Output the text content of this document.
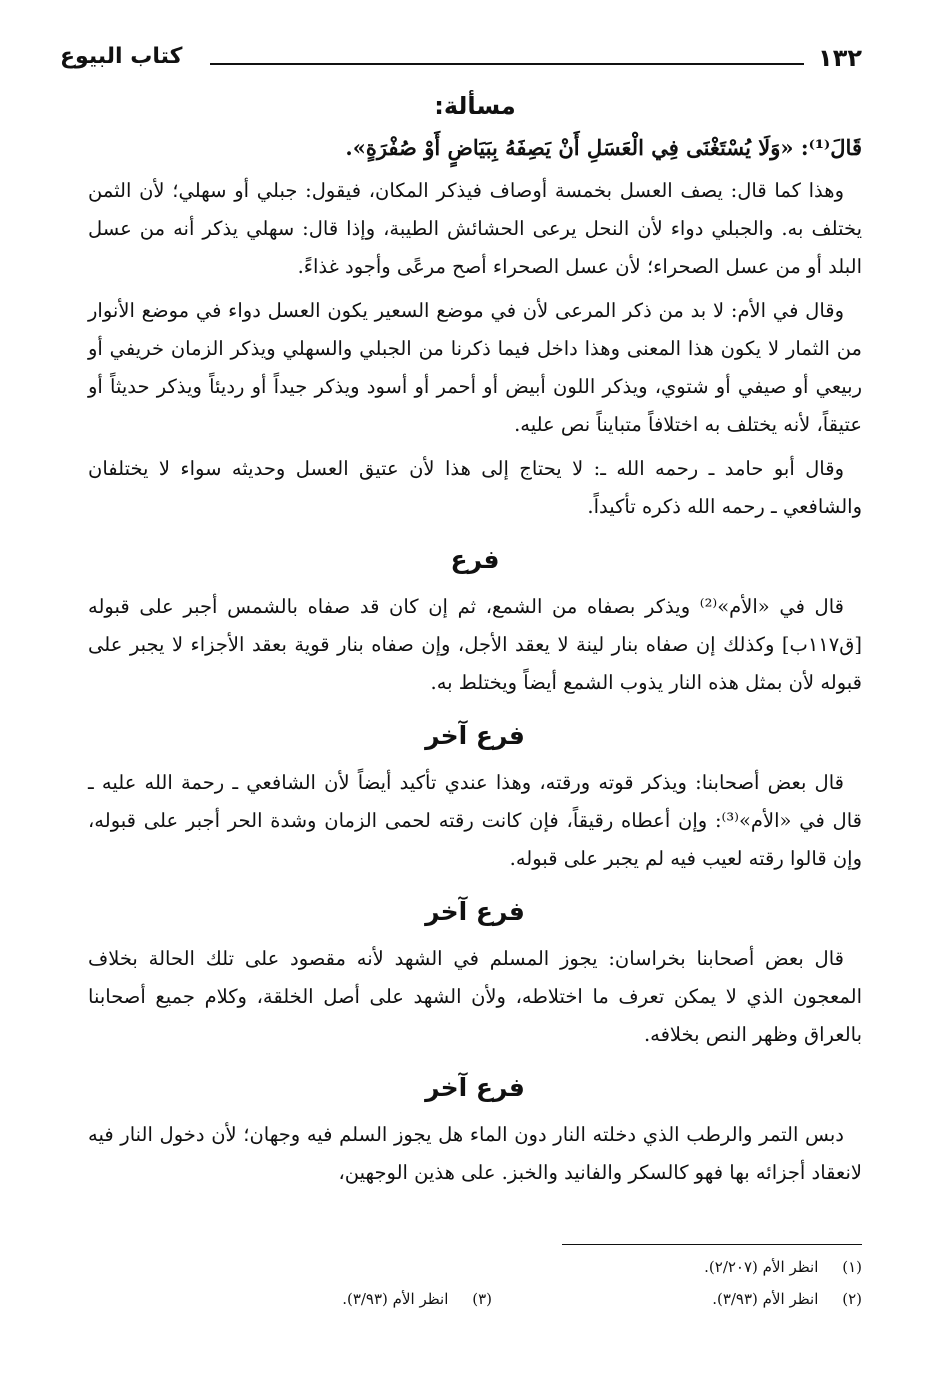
١٣٢
كتاب البيوع
مسألة:
قَالَ⁽¹⁾: «وَلَا يُسْتَغْنَى فِي الْعَسَلِ أَنْ يَصِفَهُ بِبَيَاضٍ أَوْ صُفْرَةٍ».

وهذا كما قال: يصف العسل بخمسة أوصاف فيذكر المكان، فيقول: جبلي أو سهلي؛ لأن الثمن يختلف به. والجبلي دواء لأن النحل يرعى الحشائش الطيبة، وإذا قال: سهلي يذكر أنه من عسل البلد أو من عسل الصحراء؛ لأن عسل الصحراء أصح مرعًى وأجود غذاءً.

وقال في الأم: لا بد من ذكر المرعى لأن في موضع السعير يكون العسل دواء في موضع الأنوار من الثمار لا يكون هذا المعنى وهذا داخل فيما ذكرنا من الجبلي والسهلي ويذكر الزمان خريفي أو ربيعي أو صيفي أو شتوي، ويذكر اللون أبيض أو أحمر أو أسود ويذكر جيداً أو رديئاً ويذكر حديثاً أو عتيقاً، لأنه يختلف به اختلافاً متبايناً نص عليه.

وقال أبو حامد ـ رحمه الله ـ: لا يحتاج إلى هذا لأن عتيق العسل وحديثه سواء لا يختلفان والشافعي ـ رحمه الله ذكره تأكيداً.

فرع

قال في «الأم»⁽²⁾ ويذكر بصفاه من الشمع، ثم إن كان قد صفاه بالشمس أجبر على قبوله [ق١١٧ب] وكذلك إن صفاه بنار لينة لا يعقد الأجل، وإن صفاه بنار قوية بعقد الأجزاء لا يجبر على قبوله لأن بمثل هذه النار يذوب الشمع أيضاً ويختلط به.

فرع آخر

قال بعض أصحابنا: ويذكر قوته ورقته، وهذا عندي تأكيد أيضاً لأن الشافعي ـ رحمة الله عليه ـ قال في «الأم»⁽³⁾: وإن أعطاه رقيقاً، فإن كانت رقته لحمى الزمان وشدة الحر أجبر على قبوله، وإن قالوا رقته لعيب فيه لم يجبر على قبوله.

فرع آخر

قال بعض أصحابنا بخراسان: يجوز المسلم في الشهد لأنه مقصود على تلك الحالة بخلاف المعجون الذي لا يمكن تعرف ما اختلاطه، ولأن الشهد على أصل الخلقة، وكلام جميع أصحابنا بالعراق وظهر النص بخلافه.

فرع آخر

دبس التمر والرطب الذي دخلته النار دون الماء هل يجوز السلم فيه وجهان؛ لأن دخول النار فيه لانعقاد أجزائه بها فهو كالسكر والفانيد والخبز. على هذين الوجهين،

(١)     انظر الأم (٢/٢٠٧).
(٢)     انظر الأم (٣/٩٣).
(٣)     انظر الأم (٣/٩٣).
